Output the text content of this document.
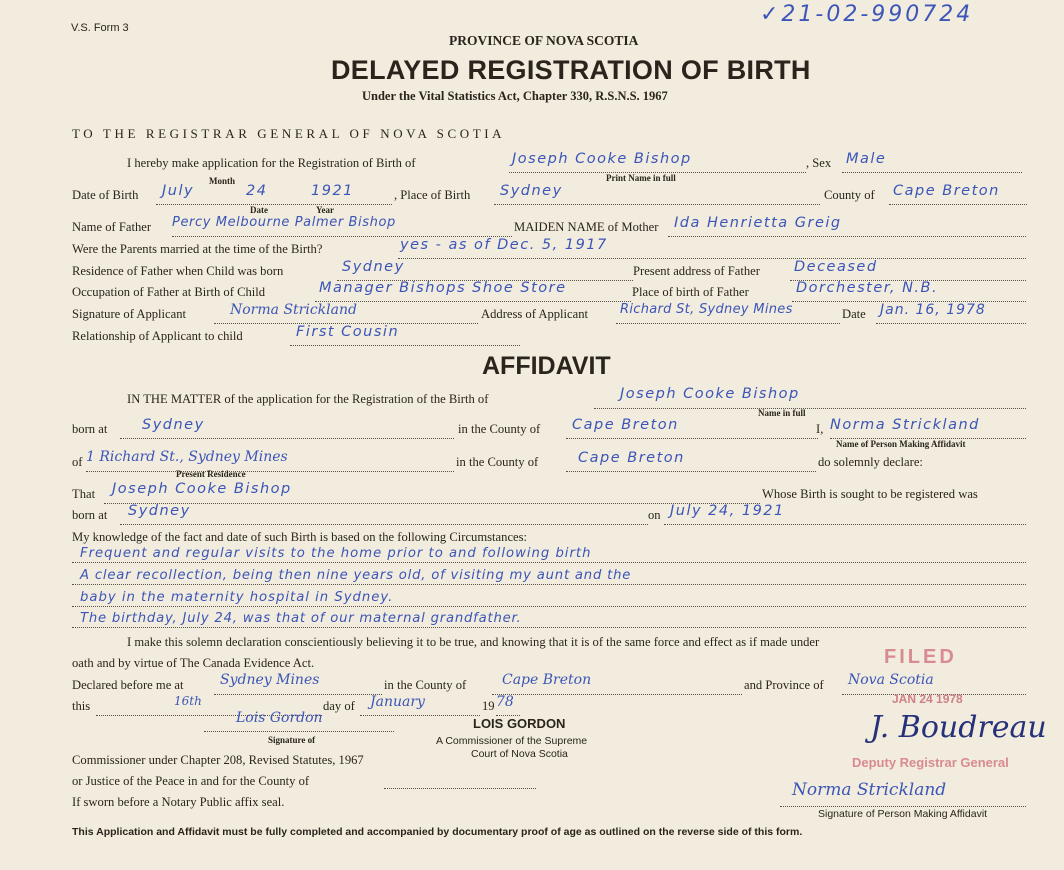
V.S. Form 3
✓21-02-990724
PROVINCE OF NOVA SCOTIA
DELAYED REGISTRATION OF BIRTH
Under the Vital Statistics Act, Chapter 330, R.S.N.S. 1967
TO THE REGISTRAR GENERAL OF NOVA SCOTIA
I hereby make application for the Registration of Birth of	Joseph Cooke Bishop	, Sex Male
Print Name in full
Date of Birth July	24	1921
Month
Date	Year
, Place of Birth Sydney	County of Cape Breton
Name of Father Percy Melbourne Palmer Bishop	MAIDEN NAME of Mother Ida Henrietta Greig
Were the Parents married at the time of the Birth?	yes - as of Dec. 5, 1917
Residence of Father when Child was born	Sydney	Present address of Father Deceased
Occupation of Father at Birth of Child	Manager Bishops Shoe Store	Place of birth of Father	Dorchester, N.B.
Signature of Applicant	Norma Strickland	Address of Applicant Richard St, Sydney Mines	Date Jan. 16, 1978
Relationship of Applicant to child	First Cousin
AFFIDAVIT
IN THE MATTER of the application for the Registration of the Birth of	Joseph Cooke Bishop
Name in full
born at Sydney	in the County of Cape Breton	I, Norma Strickland
Name of Person Making Affidavit
of 1 Richard St., Sydney Mines
Present Residence
in the County of	Cape Breton	do solemnly declare:
That Joseph Cooke Bishop	Whose Birth is sought to be registered was
born at Sydney	on July 24, 1921
My knowledge of the fact and date of such Birth is based on the following Circumstances:
Frequent and regular visits to the home prior to and following birth
A clear recollection, being then nine years old, of visiting my aunt and the
baby in the maternity hospital in Sydney.
The birthday, July 24, was that of our maternal grandfather.
I make this solemn declaration conscientiously believing it to be true, and knowing that it is of the same force and effect as if made under
oath and by virtue of The Canada Evidence Act.
Declared before me at	Sydney Mines	in the County of	Cape Breton	and Province of Nova Scotia
this	16th	day of January	19 78
Lois Gordon
Signature of
LOIS GORDON
A Commissioner of the Supreme
Court of Nova Scotia
Commissioner under Chapter 208, Revised Statutes, 1967
or Justice of the Peace in and for the County of
If sworn before a Notary Public affix seal.
Norma Strickland
Signature of Person Making Affidavit
FILED
JAN 24 1978
J. Boudreau
Deputy Registrar General
This Application and Affidavit must be fully completed and accompanied by documentary proof of age as outlined on the reverse side of this form.
